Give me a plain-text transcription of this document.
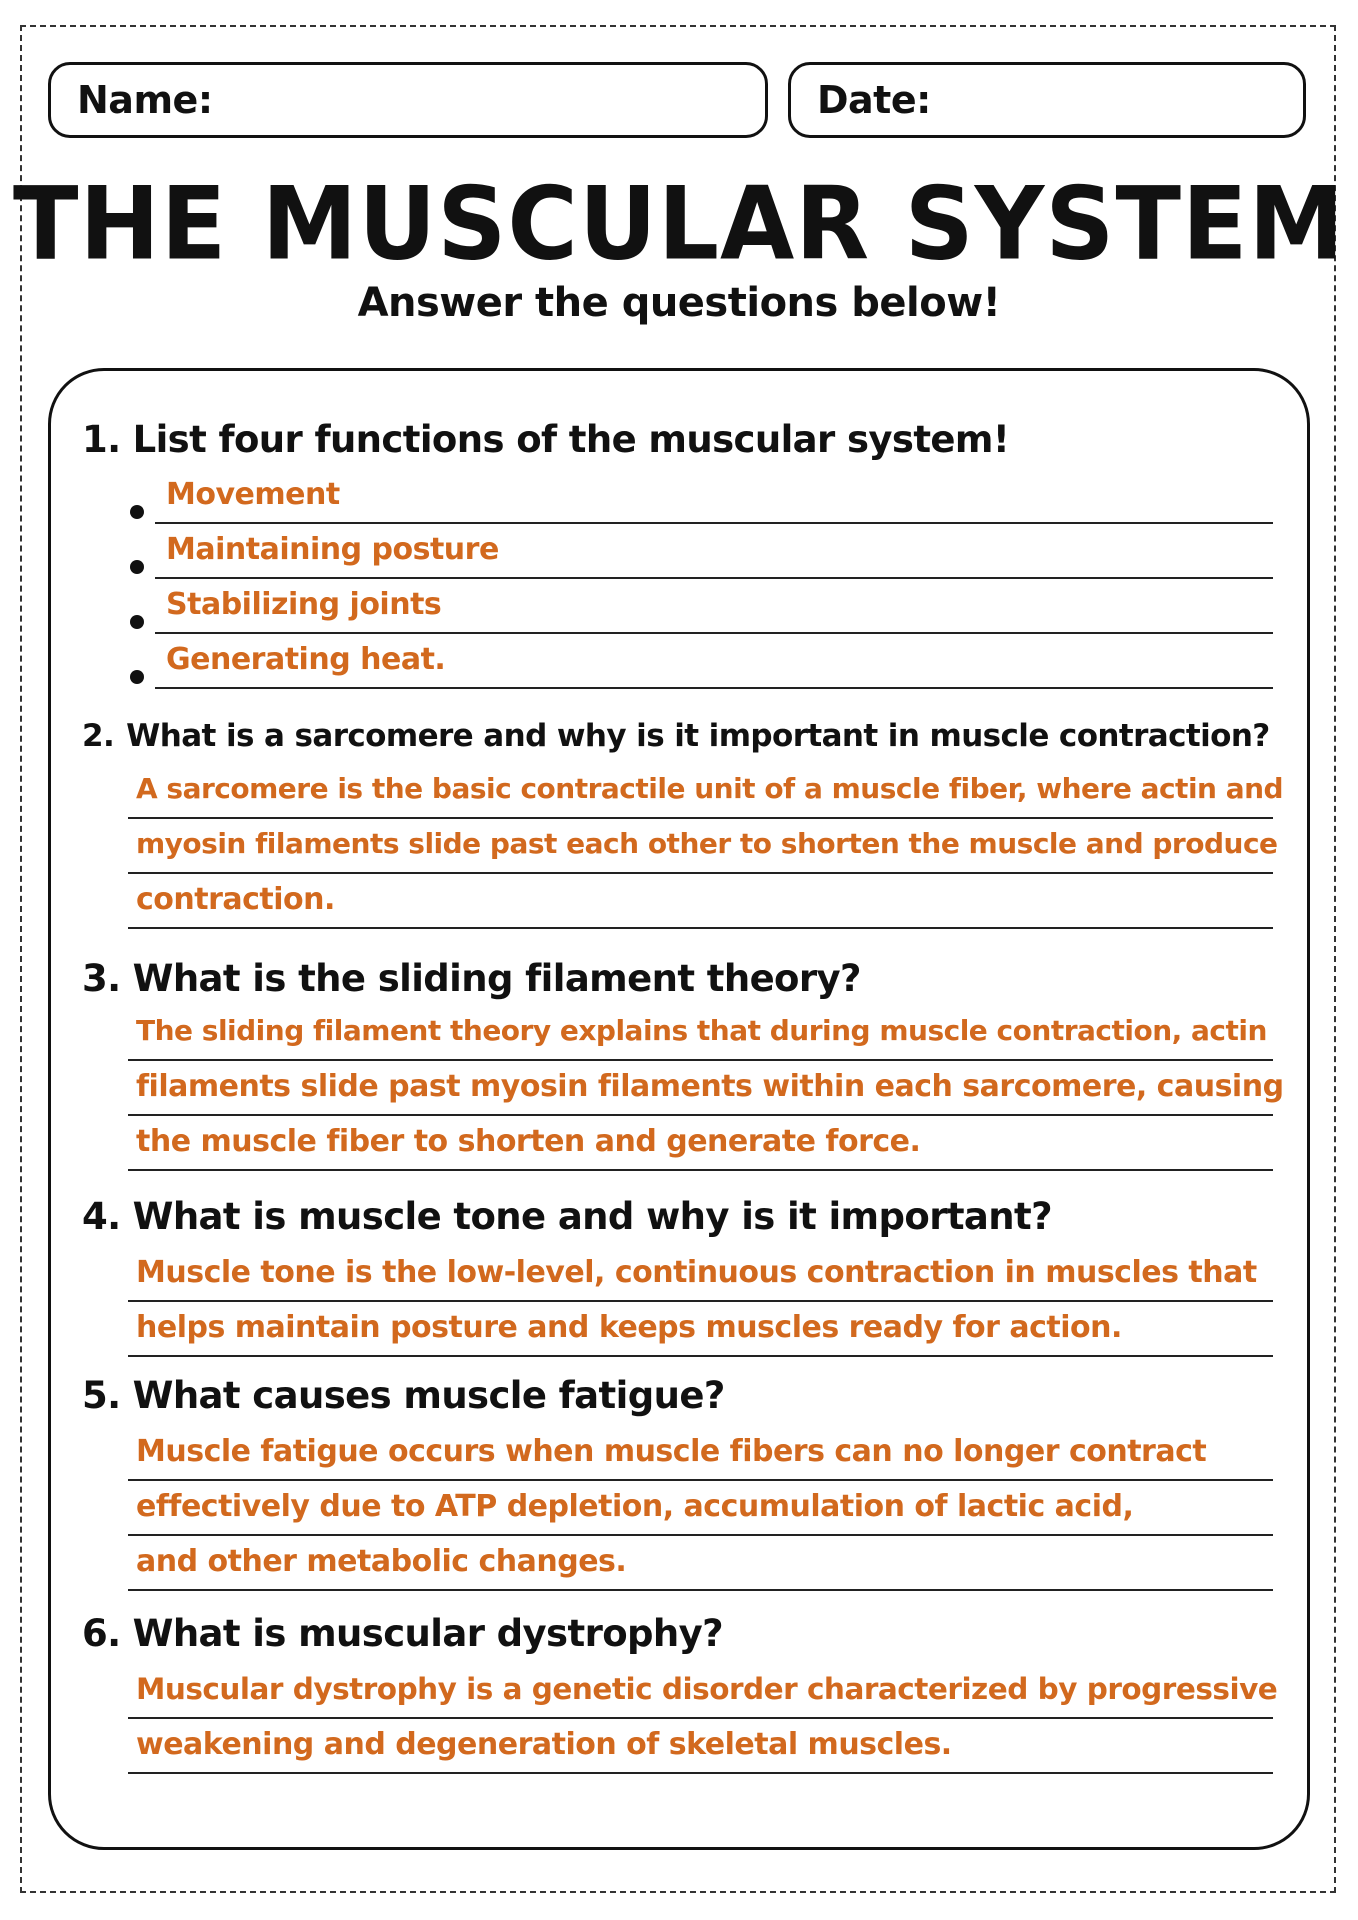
Name:	Date:
THE MUSCULAR SYSTEM
Answer the questions below!
1. List four functions of the muscular system!
Movement
Maintaining posture
Stabilizing joints
Generating heat.
2. What is a sarcomere and why is it important in muscle contraction?
A sarcomere is the basic contractile unit of a muscle fiber, where actin and
myosin filaments slide past each other to shorten the muscle and produce
contraction.
3. What is the sliding filament theory?
The sliding filament theory explains that during muscle contraction, actin
filaments slide past myosin filaments within each sarcomere, causing
the muscle fiber to shorten and generate force.
4. What is muscle tone and why is it important?
Muscle tone is the low-level, continuous contraction in muscles that
helps maintain posture and keeps muscles ready for action.
5. What causes muscle fatigue?
Muscle fatigue occurs when muscle fibers can no longer contract
effectively due to ATP depletion, accumulation of lactic acid,
and other metabolic changes.
6. What is muscular dystrophy?
Muscular dystrophy is a genetic disorder characterized by progressive
weakening and degeneration of skeletal muscles.
